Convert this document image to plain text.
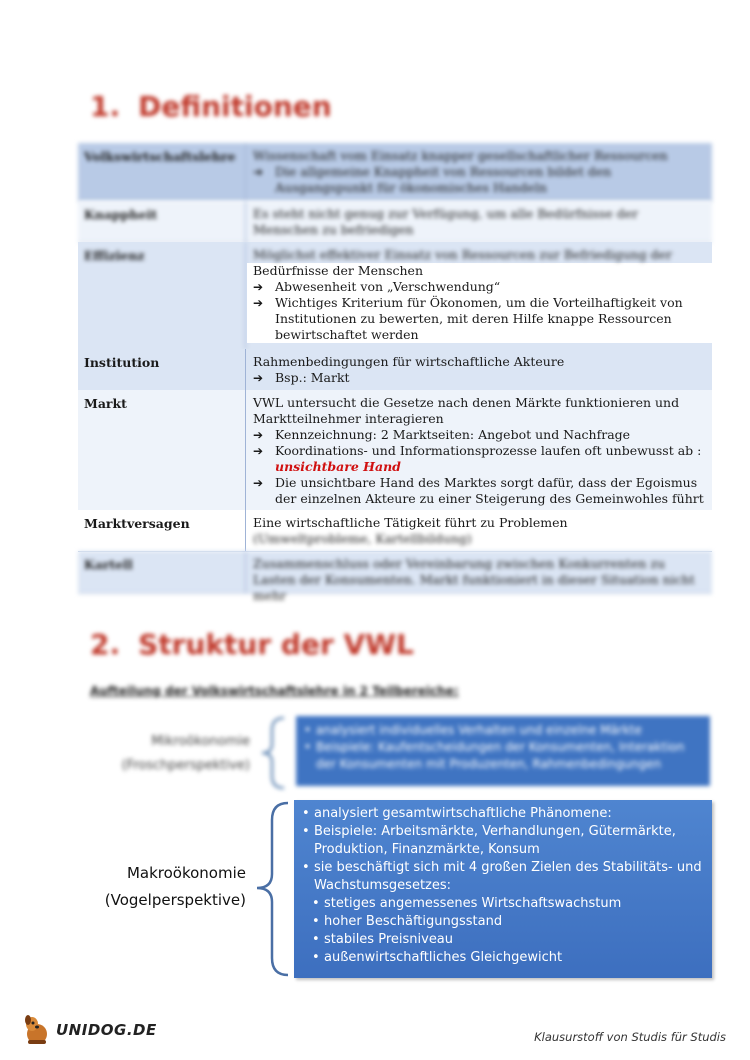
1. Definitionen
Volkswirtschaftslehre	Wissenschaft vom Einsatz knapper gesellschaftlicher Ressourcen
➔ Die allgemeine Knappheit von Ressourcen bildet den Ausgangspunkt für ökonomisches Handeln
Knappheit	Es steht nicht genug zur Verfügung, um alle Bedürfnisse der Menschen zu befriedigen
Effizienz	Möglichst effektiver Einsatz von Ressourcen zur Befriedigung der
Bedürfnisse der Menschen
➔ Abwesenheit von „Verschwendung“
➔ Wichtiges Kriterium für Ökonomen, um die Vorteilhaftigkeit von Institutionen zu bewerten, mit deren Hilfe knappe Ressourcen bewirtschaftet werden
Institution	Rahmenbedingungen für wirtschaftliche Akteure
➔ Bsp.: Markt
Markt	VWL untersucht die Gesetze nach denen Märkte funktionieren und Marktteilnehmer interagieren
➔ Kennzeichnung: 2 Marktseiten: Angebot und Nachfrage
➔ Koordinations- und Informationsprozesse laufen oft unbewusst ab :
unsichtbare Hand
➔ Die unsichtbare Hand des Marktes sorgt dafür, dass der Egoismus der einzelnen Akteure zu einer Steigerung des Gemeinwohles führt
Marktversagen	Eine wirtschaftliche Tätigkeit führt zu Problemen
(Umweltprobleme, Kartellbildung)
Kartell	Zusammenschluss oder Vereinbarung zwischen Konkurrenten zu Lasten der Konsumenten. Markt funktioniert in dieser Situation nicht mehr
2. Struktur der VWL
Aufteilung der Volkswirtschaftslehre in 2 Teilbereiche:
Mikroökonomie
(Froschperspektive)
• analysiert individuelles Verhalten und einzelne Märkte
• Beispiele: Kaufentscheidungen der Konsumenten, Interaktion der Konsumenten mit Produzenten, Rahmenbedingungen
Makroökonomie
(Vogelperspektive)
• analysiert gesamtwirtschaftliche Phänomene:
• Beispiele: Arbeitsmärkte, Verhandlungen, Gütermärkte, Produktion, Finanzmärkte, Konsum
• sie beschäftigt sich mit 4 großen Zielen des Stabilitäts- und Wachstumsgesetzes:
• stetiges angemessenes Wirtschaftswachstum
• hoher Beschäftigungsstand
• stabiles Preisniveau
• außenwirtschaftliches Gleichgewicht
UNIDOG.DE	Klausurstoff von Studis für Studis
